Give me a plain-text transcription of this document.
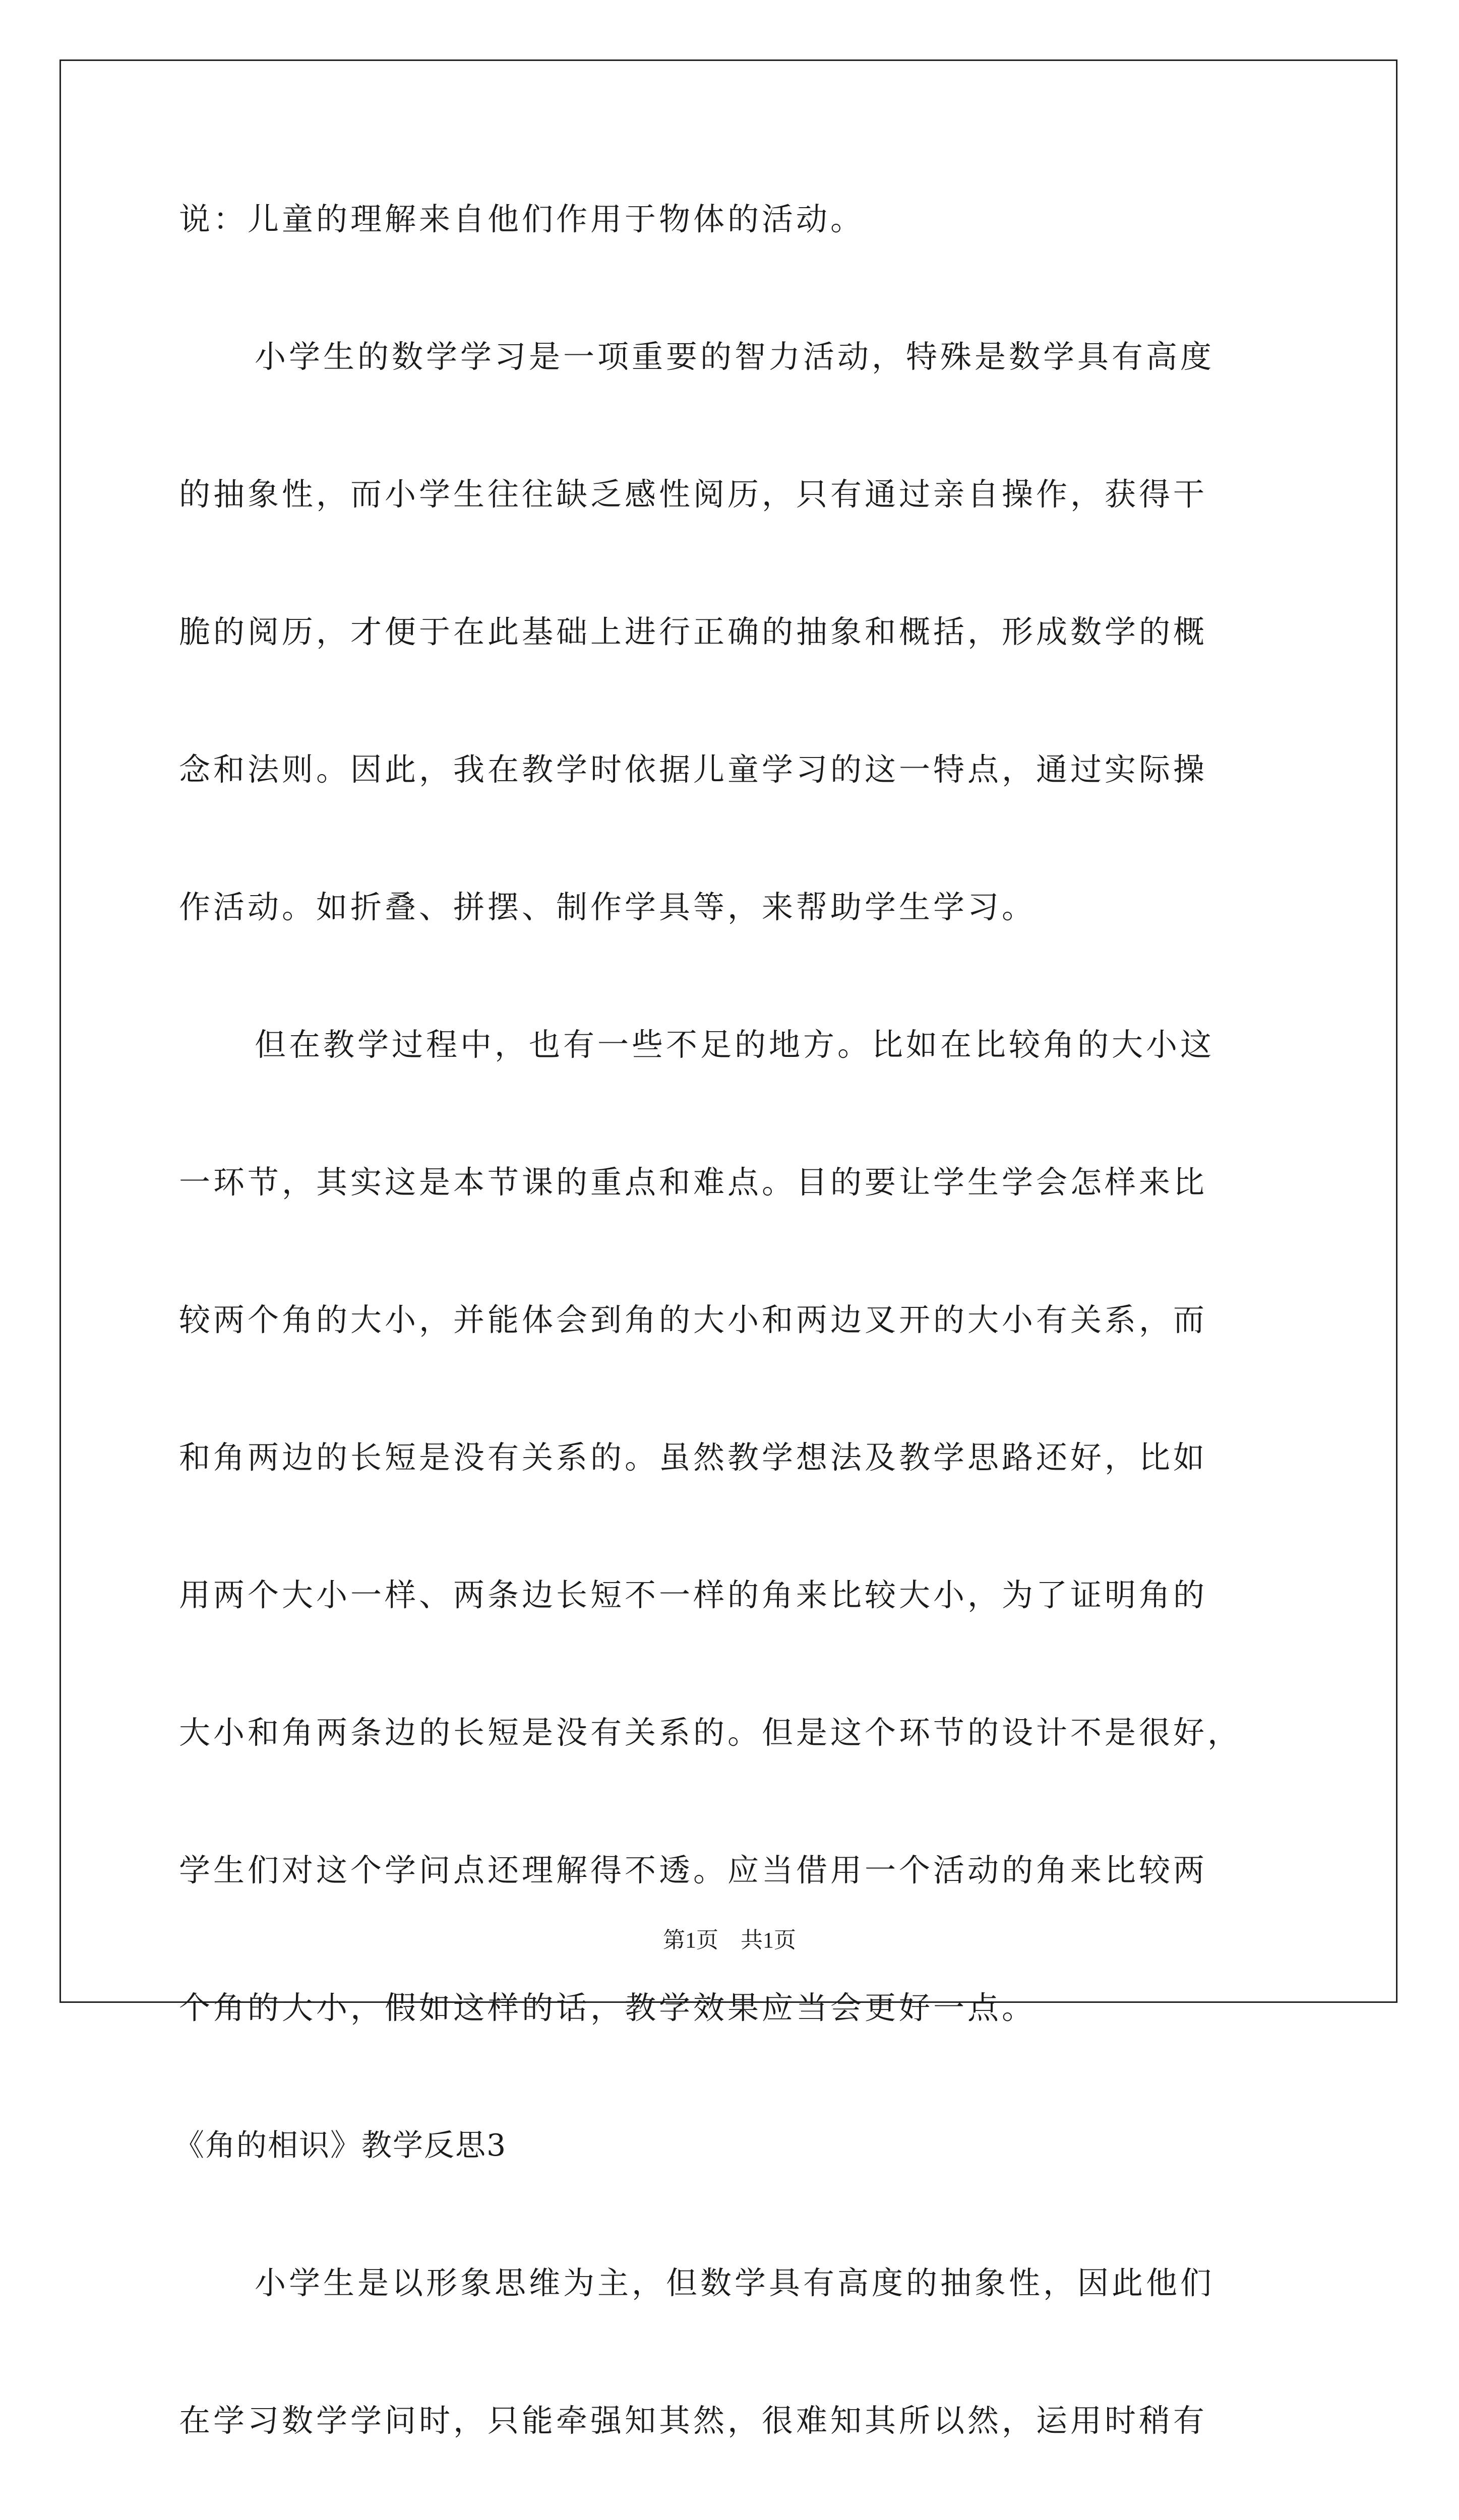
说：儿童的理解来自他们作用于物体的活动。
小学生的数学学习是一项重要的智力活动，特殊是数学具有高度
的抽象性，而小学生往往缺乏感性阅历，只有通过亲自操作，获得干
脆的阅历，才便于在此基础上进行正确的抽象和概括，形成数学的概
念和法则。因此，我在教学时依据儿童学习的这一特点，通过实际操
作活动。如折叠、拼摆、制作学具等，来帮助学生学习。
但在教学过程中，也有一些不足的地方。比如在比较角的大小这
一环节，其实这是本节课的重点和难点。目的要让学生学会怎样来比
较两个角的大小，并能体会到角的大小和两边叉开的大小有关系，而
和角两边的长短是没有关系的。虽然教学想法及教学思路还好，比如
用两个大小一样、两条边长短不一样的角来比较大小，为了证明角的
大小和角两条边的长短是没有关系的。但是这个环节的设计不是很好，
学生们对这个学问点还理解得不透。应当借用一个活动的角来比较两
个角的大小，假如这样的话，教学效果应当会更好一点。
《角的相识》教学反思3
小学生是以形象思维为主，但数学具有高度的抽象性，因此他们
在学习数学学问时，只能牵强知其然，很难知其所以然，运用时稍有
第1页　共1页
